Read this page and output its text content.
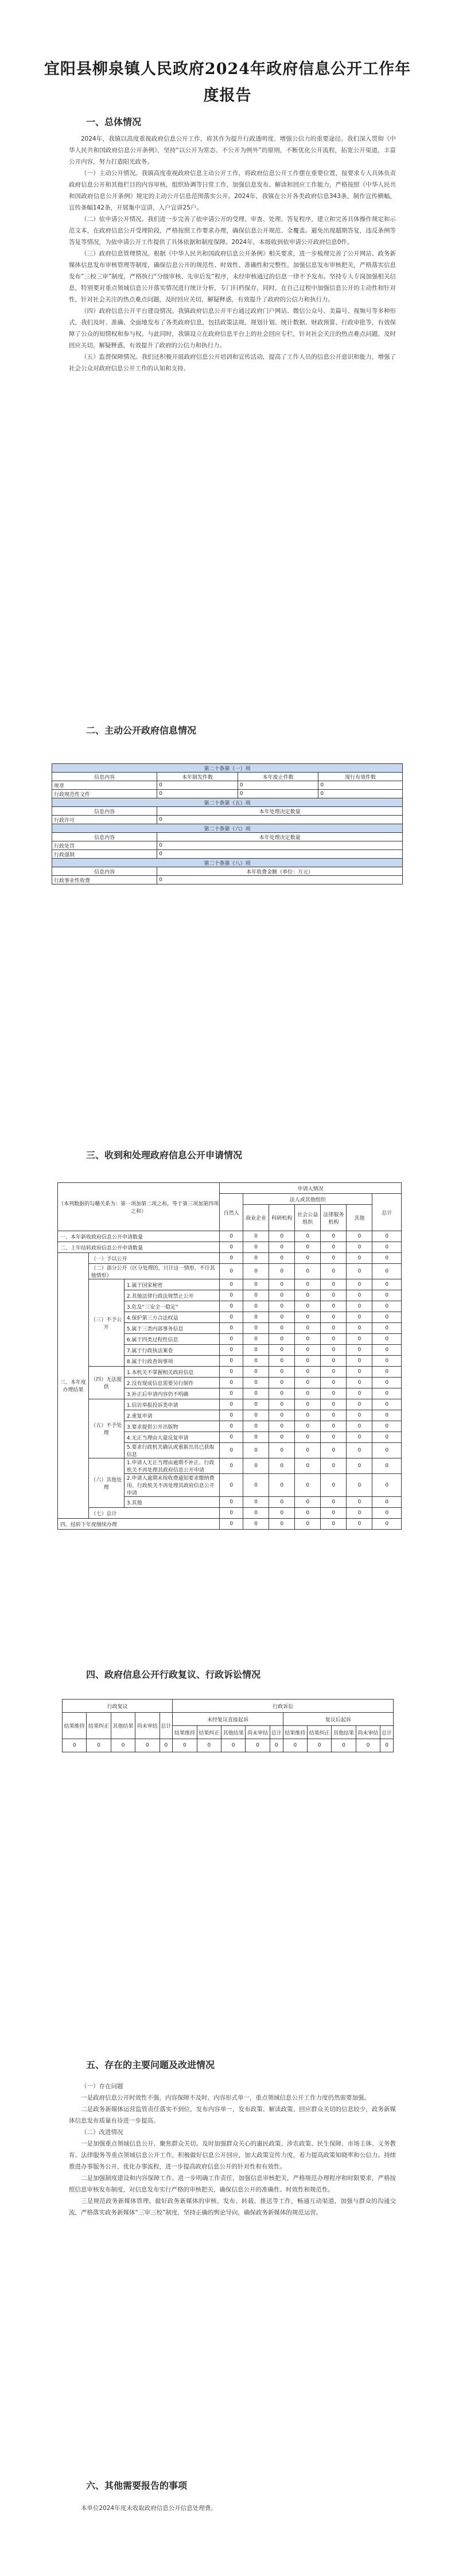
宜阳县柳泉镇人民政府2024年政府信息公开工作年度报告
一、总体情况

2024年，我镇以高度重视政府信息公开工作，将其作为提升行政透明度、增强公信力的重要途径。我们深入贯彻《中华人民共和国政府信息公开条例》，坚持“以公开为常态、不公开为例外”的原则，不断优化公开流程，拓宽公开渠道，丰富公开内容，努力打造阳光政务。

（一）主动公开情况。我镇高度重视政府信息主动公开工作，将政府信息公开工作摆在重要位置，按要求专人具体负责政府信息公开和其他栏目的内容审核，组织协调等日常工作，加强信息发布、解读和回应工作能力，严格按照《中华人民共和国政府信息公开条例》规定的主动公开信息范围落实公开。2024年，我镇在公开各类政府信息343条，制作宣传横幅，宣传条幅142条，开展集中宣讲，入户宣讲25户。

（二）依申请公开情况。我们进一步完善了依申请公开的受理、审查、处理、答复程序，建立和完善具体操作规定和示范文本，在政府信息公开受理阶段，严格按照工作要求办理，确保信息公开规范、全覆盖。避免出现超期答复，违反条例等答复等情况，为依申请公开工作提供了具体依据和制度保障。2024年，本级收到依申请公开政府信息0件。

（三）政府信息管理情况。根据《中华人民共和国政府信息公开条例》相关要求，进一步梳理完善了公开网站、政务新媒体信息发布审核管理等制度，确保信息公开的规范性、时效性、准确性和完整性。加强信息发布审核把关，严格落实信息发布“三校三审”制度，严格执行“分级审核、先审后发”程序，未经审核通过的信息一律不予发布。坚持专人专岗加强相关信息，特别要对重点领域信息公开落实情况进行统计分析，专门归档保存，同时，在自己过程中加强信息公开的主动性和针对性，针对社会关注的热点难点问题，及时回应关切，解疑释惑，有效提升了政府的公信力和执行力。

（四）政府信息公开平台建设情况。我镇政府信息公开平台通过政府门户网站、微信公众号、美篇号、视频号等多种形式，我们及时、准确、全面地发布了各类政府信息，包括政策法规、规划计划、统计数据、财政预算、行政审批等，有效保障了公众的知情权和参与权。与此同时，我镇设立在政府信息平台上的社会回应专栏，针对社会关注的热点难点问题，及时回应关切，解疑释惑，有效提升了政府的公信力和执行力。

（五）监督保障情况。我们还积极开展政府信息公开培训和宣传活动，提高了工作人员的信息公开意识和能力，增强了社会公众对政府信息公开工作的认知和支持。

二、主动公开政府信息情况
第二十条第（一）项			
信息内容	本年制发件数	本年废止件数	现行有效件数
规章	0	0	0
行政规范性文件	0	0	0
第二十条第（五）项			
信息内容	本年处理决定数量		
行政许可	0		
第二十条第（六）项			
信息内容	本年处理决定数量		
行政处罚	0		
行政强制	0		
第二十条第（八）项			
信息内容	本年收费金额（单位：万元）		
行政事业性收费	0		
三、收到和处理政府信息公开申请情况
（本列数据的勾稽关系为：第一项加第二项之和，等于第三项加第四项之和）			申请人情况						
			自然人	法人或其他组织					总计
				商业企业	科研机构	社会公益组织	法律服务机构	其他	
一、本年新收政府信息公开申请数量			0	0	0	0	0	0	0
二、上年结转政府信息公开申请数量			0	0	0	0	0	0	0
三、本年度办理结果	（一）予以公开		0	0	0	0	0	0	0
	（二）部分公开（区分处理的，只计这一情形，不计其他情形）		0	0	0	0	0	0	0
	（三）不予公开	1.属于国家秘密	0	0	0	0	0	0	0
		2.其他法律行政法规禁止公开	0	0	0	0	0	0	0
		3.危及“三安全一稳定”	0	0	0	0	0	0	0
		4.保护第三方合法权益	0	0	0	0	0	0	0
		5.属于三类内部事务信息	0	0	0	0	0	0	0
		6.属于四类过程性信息	0	0	0	0	0	0	0
		7.属于行政执法案卷	0	0	0	0	0	0	0
		8.属于行政查询事项	0	0	0	0	0	0	0
	（四）无法提供	1.本机关不掌握相关政府信息	0	0	0	0	0	0	0
		2.没有现成信息需要另行制作	0	0	0	0	0	0	0
		3.补正后申请内容仍不明确	0	0	0	0	0	0	0
	（五）不予处理	1.信访举报投诉类申请	0	0	0	0	0	0	0
		2.重复申请	0	0	0	0	0	0	0
		3.要求提供公开出版物	0	0	0	0	0	0	0
		4.无正当理由大量反复申请	0	0	0	0	0	0	0
		5.要求行政机关确认或重新出具已获取信息	0	0	0	0	0	0	0
	（六）其他处理	1.申请人无正当理由逾期不补正、行政机关不再处理其政府信息公开申请	0	0	0	0	0	0	0
		2.申请人逾期未按收费通知要求缴纳费用、行政机关不再处理其政府信息公开申请	0	0	0	0	0	0	0
		3.其他	0	0	0	0	0	0	0
	（七）总计		0	0	0	0	0	0	0
四、结转下年度继续办理			0	0	0	0	0	0	0
四、政府信息公开行政复议、行政诉讼情况
行政复议					行政诉讼									
结果维持	结果纠正	其他结果	尚未审结	总计	未经复议直接起诉					复议后起诉				
					结果维持	结果纠正	其他结果	尚未审结	总计	结果维持	结果纠正	其他结果	尚未审结	总计
0	0	0	0	0	0	0	0	0	0	0	0	0	0	0
五、存在的主要问题及改进情况

（一）存在问题

一是政府信息公开时效性不强，内容保障不及时、内容形式单一，重点领域信息公开工作力度仍然需要加强。

二是政务新媒体运营监管责任落实不到位，发布内容单一，发布政策、解读政策、回应群众关切的信息较少，政务新媒体信息发布质量有待进一步提高。

（二）改进情况

一是加强重点领域信息公开，聚焦群众关切。及时加强群众关心的惠民政策、涉农政策、民生保障、市场主体、义务教育、法律服务等重点领域信息公开工作，积极做好信息公开回应，加大政策宣传力度，着力提高政策知晓率和公信力。持续推进办事服务公开，优化办事流程，进一步提高政府信息公开的针对性和有效性。

二是加强制度建设和内容保障工作。进一步明确工作责任，加强信息审核把关，严格规范办理程序和时限要求，严格按照信息审核发布制度，对信息发布实行严格的审核把关，确保信息公开的准确性、时效性和规范性。

三是规范政务新媒体管理。做好政务新媒体的审核、发布、转载、推送等工作，畅通互动渠道，加强与群众的沟通交流，严格落实政务新媒体“三审三校”制度，坚持正确的舆论导向，确保政务新媒体的规范运营。

六、其他需要报告的事项

本单位2024年度未收取政府信息公开信息处理费。
